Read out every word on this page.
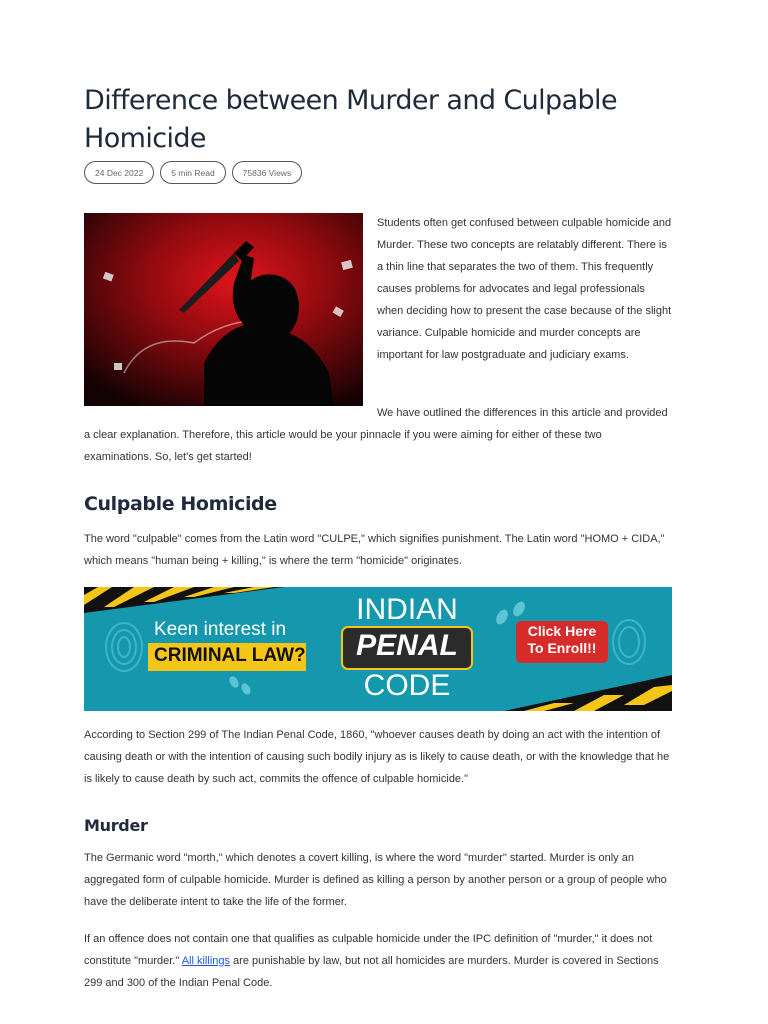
Difference between Murder and Culpable Homicide
24 Dec 2022	5 min Read	75836 Views

Students often get confused between culpable homicide and Murder. These two concepts are relatably different. There is a thin line that separates the two of them. This frequently causes problems for advocates and legal professionals when deciding how to present the case because of the slight variance. Culpable homicide and murder concepts are important for law postgraduate and judiciary exams.

We have outlined the differences in this article and provided a clear explanation. Therefore, this article would be your pinnacle if you were aiming for either of these two examinations. So, let's get started!

Culpable Homicide

The word "culpable" comes from the Latin word "CULPE," which signifies punishment. The Latin word "HOMO + CIDA," which means "human being + killing," is where the term "homicide" originates.

Keen interest in
CRIMINAL LAW?
INDIAN
PENAL
CODE
Click Here
To Enroll!!

According to Section 299 of The Indian Penal Code, 1860, "whoever causes death by doing an act with the intention of causing death or with the intention of causing such bodily injury as is likely to cause death, or with the knowledge that he is likely to cause death by such act, commits the offence of culpable homicide."

Murder

The Germanic word "morth," which denotes a covert killing, is where the word "murder" started. Murder is only an aggregated form of culpable homicide. Murder is defined as killing a person by another person or a group of people who have the deliberate intent to take the life of the former.

If an offence does not contain one that qualifies as culpable homicide under the IPC definition of "murder," it does not constitute "murder." All killings are punishable by law, but not all homicides are murders. Murder is covered in Sections 299 and 300 of the Indian Penal Code.
